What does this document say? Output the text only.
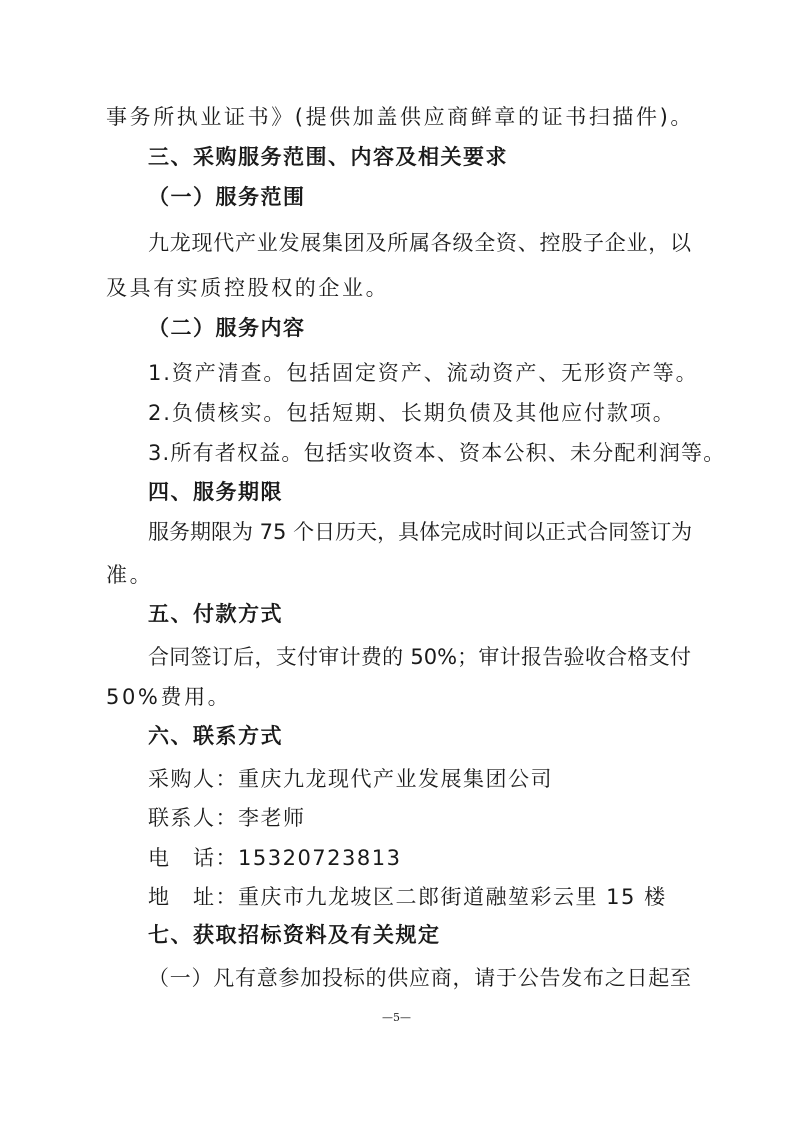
事务所执业证书》(提供加盖供应商鲜章的证书扫描件)。
三、采购服务范围、内容及相关要求
（一）服务范围
九龙现代产业发展集团及所属各级全资、控股子企业，以
及具有实质控股权的企业。
（二）服务内容
1.资产清查。包括固定资产、流动资产、无形资产等。
2.负债核实。包括短期、长期负债及其他应付款项。
3.所有者权益。包括实收资本、资本公积、未分配利润等。
四、服务期限
服务期限为 75 个日历天，具体完成时间以正式合同签订为
准。
五、付款方式
合同签订后，支付审计费的 50%；审计报告验收合格支付
50%费用。
六、联系方式
采购人：重庆九龙现代产业发展集团公司
联系人：李老师
电　话：15320723813
地　址：重庆市九龙坡区二郎街道融堃彩云里 15 楼
七、获取招标资料及有关规定
（一）凡有意参加投标的供应商，请于公告发布之日起至
—5—
